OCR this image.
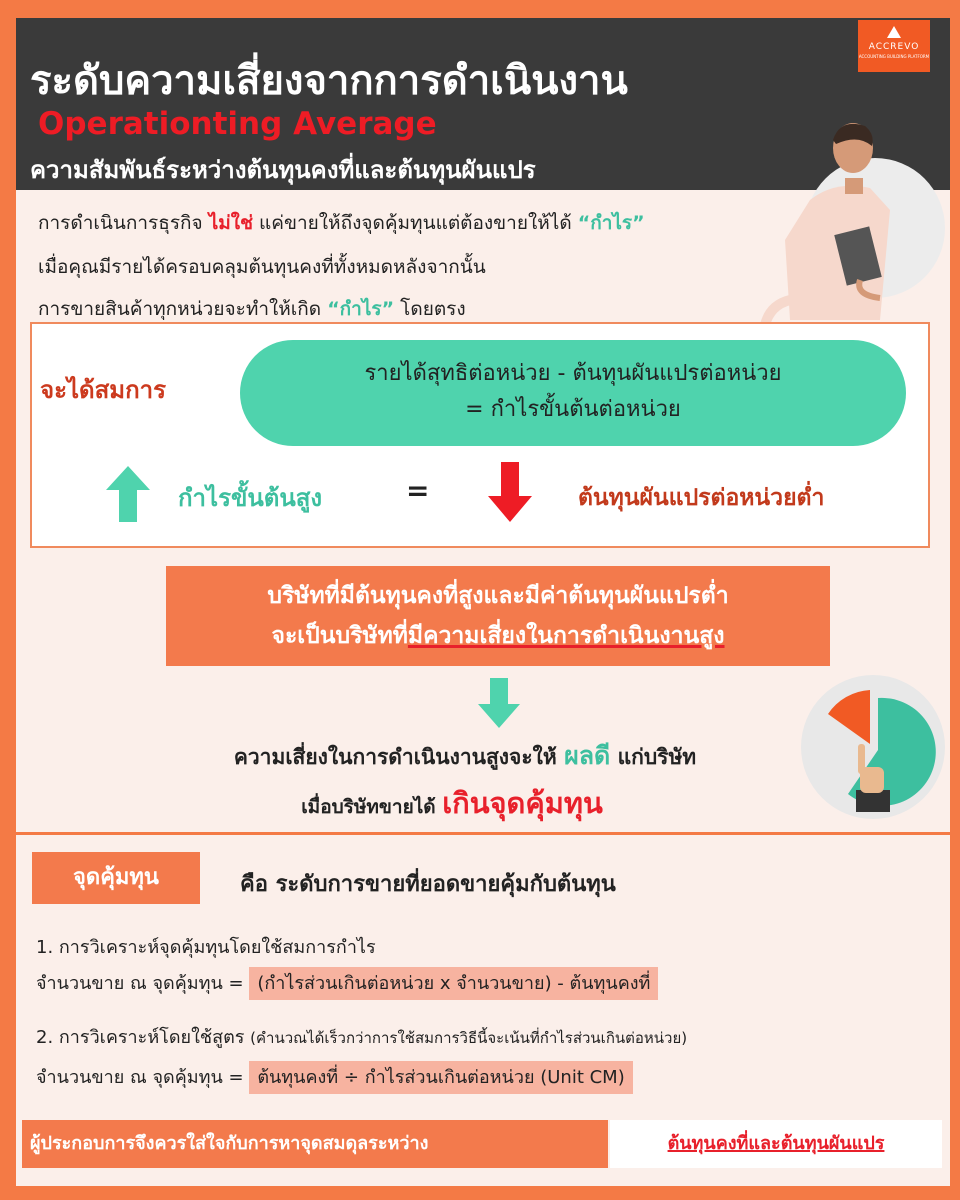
ระดับความเสี่ยงจากการดำเนินงาน
Operationting Average
ความสัมพันธ์ระหว่างต้นทุนคงที่และต้นทุนผันแปร
ACCREVO
ACCOUNTING BUILDING PLATFORM
การดำเนินการธุรกิจ ไม่ใช่ แค่ขายให้ถึงจุดคุ้มทุนแต่ต้องขายให้ได้ “กำไร”
เมื่อคุณมีรายได้ครอบคลุมต้นทุนคงที่ทั้งหมดหลังจากนั้น
การขายสินค้าทุกหน่วยจะทำให้เกิด “กำไร” โดยตรง
จะได้สมการ
รายได้สุทธิต่อหน่วย - ต้นทุนผันแปรต่อหน่วย
= กำไรขั้นต้นต่อหน่วย
กำไรขั้นต้นสูง	=	ต้นทุนผันแปรต่อหน่วยต่ำ
บริษัทที่มีต้นทุนคงที่สูงและมีค่าต้นทุนผันแปรต่ำ
จะเป็นบริษัทที่มีความเสี่ยงในการดำเนินงานสูง
ความเสี่ยงในการดำเนินงานสูงจะให้ ผลดี แก่บริษัท
เมื่อบริษัทขายได้ เกินจุดคุ้มทุน
จุดคุ้มทุน	คือ ระดับการขายที่ยอดขายคุ้มกับต้นทุน
1. การวิเคราะห์จุดคุ้มทุนโดยใช้สมการกำไร
จำนวนขาย ณ จุดคุ้มทุน = (กำไรส่วนเกินต่อหน่วย x จำนวนขาย) - ต้นทุนคงที่
2. การวิเคราะห์โดยใช้สูตร (คำนวณได้เร็วกว่าการใช้สมการวิธีนี้จะเน้นที่กำไรส่วนเกินต่อหน่วย)
จำนวนขาย ณ จุดคุ้มทุน = ต้นทุนคงที่ ÷ กำไรส่วนเกินต่อหน่วย (Unit CM)
ผู้ประกอบการจึงควรใส่ใจกับการหาจุดสมดุลระหว่าง	ต้นทุนคงที่และต้นทุนผันแปร
